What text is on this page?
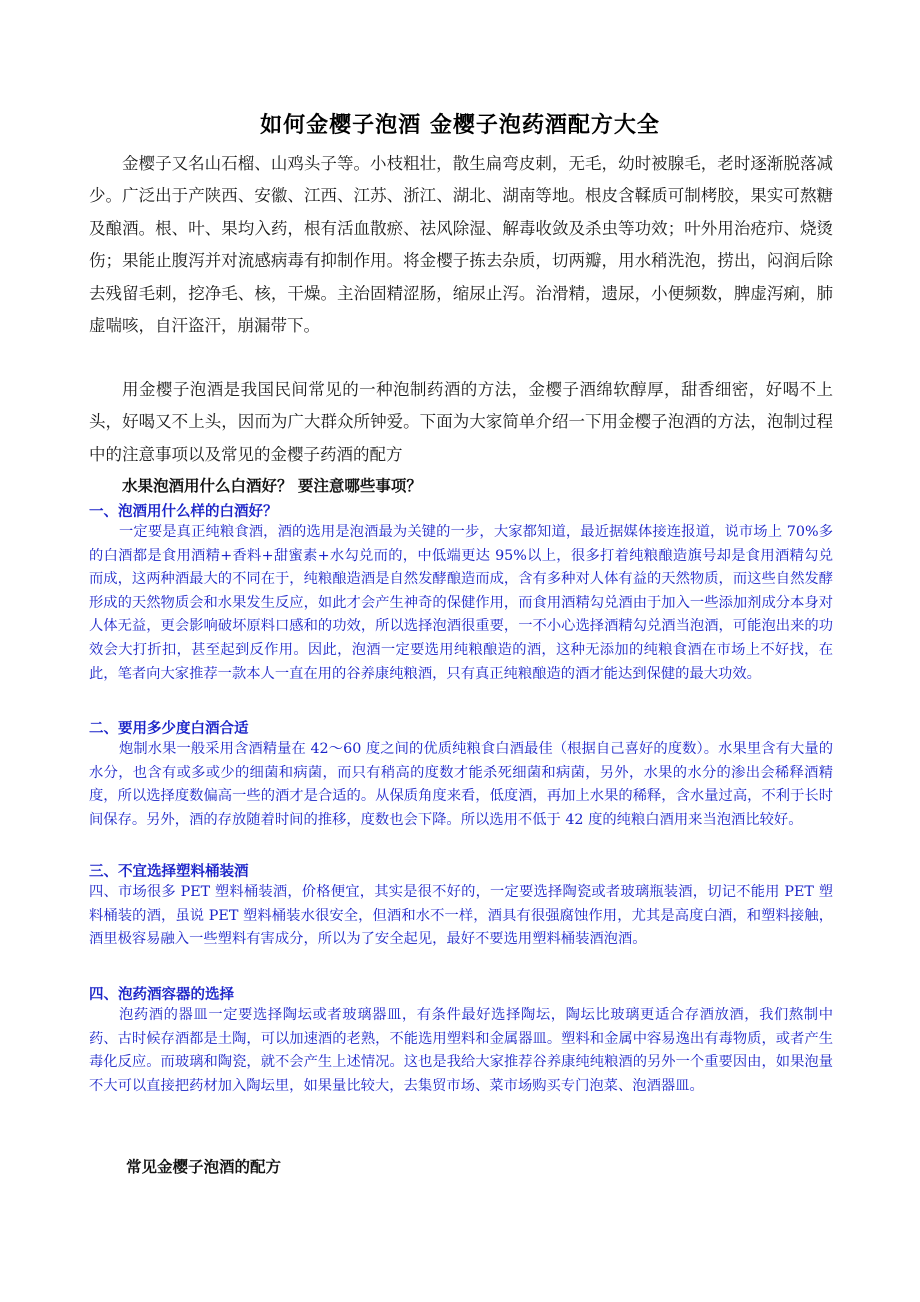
如何金樱子泡酒 金樱子泡药酒配方大全

金樱子又名山石榴、山鸡头子等。小枝粗壮，散生扁弯皮刺，无毛，幼时被腺毛，老时逐渐脱落减少。广泛出于产陕西、安徽、江西、江苏、浙江、湖北、湖南等地。根皮含鞣质可制栲胶，果实可熬糖及酿酒。根、叶、果均入药，根有活血散瘀、祛风除湿、解毒收敛及杀虫等功效；叶外用治疮疖、烧烫伤；果能止腹泻并对流感病毒有抑制作用。将金樱子拣去杂质，切两瓣，用水稍洗泡，捞出，闷润后除去残留毛刺，挖净毛、核，干燥。主治固精涩肠，缩尿止泻。治滑精，遗尿，小便频数，脾虚泻痢，肺虚喘咳，自汗盗汗，崩漏带下。

用金樱子泡酒是我国民间常见的一种泡制药酒的方法，金樱子酒绵软醇厚，甜香细密，好喝不上头，好喝又不上头，因而为广大群众所钟爱。下面为大家简单介绍一下用金樱子泡酒的方法，泡制过程中的注意事项以及常见的金樱子药酒的配方

水果泡酒用什么白酒好？ 要注意哪些事项？
一、泡酒用什么样的白酒好？

一定要是真正纯粮食酒，酒的选用是泡酒最为关键的一步，大家都知道，最近据媒体接连报道，说市场上 70%多的白酒都是食用酒精+香料+甜蜜素+水勾兑而的，中低端更达 95%以上，很多打着纯粮酿造旗号却是食用酒精勾兑而成，这两种酒最大的不同在于，纯粮酿造酒是自然发酵酿造而成，含有多种对人体有益的天然物质，而这些自然发酵形成的天然物质会和水果发生反应，如此才会产生神奇的保健作用，而食用酒精勾兑酒由于加入一些添加剂成分本身对人体无益，更会影响破坏原料口感和的功效，所以选择泡酒很重要，一不小心选择酒精勾兑酒当泡酒，可能泡出来的功效会大打折扣，甚至起到反作用。因此，泡酒一定要选用纯粮酿造的酒，这种无添加的纯粮食酒在市场上不好找，在此，笔者向大家推荐一款本人一直在用的谷养康纯粮酒，只有真正纯粮酿造的酒才能达到保健的最大功效。

二、要用多少度白酒合适

炮制水果一般采用含酒精量在 42～60 度之间的优质纯粮食白酒最佳（根据自己喜好的度数）。水果里含有大量的水分，也含有或多或少的细菌和病菌，而只有稍高的度数才能杀死细菌和病菌，另外，水果的水分的渗出会稀释酒精度，所以选择度数偏高一些的酒才是合适的。从保质角度来看，低度酒，再加上水果的稀释，含水量过高，不利于长时间保存。另外，酒的存放随着时间的推移，度数也会下降。所以选用不低于 42 度的纯粮白酒用来当泡酒比较好。

三、不宜选择塑料桶装酒

四、市场很多 PET 塑料桶装酒，价格便宜，其实是很不好的，一定要选择陶瓷或者玻璃瓶装酒，切记不能用 PET 塑料桶装的酒，虽说 PET 塑料桶装水很安全，但酒和水不一样，酒具有很强腐蚀作用，尤其是高度白酒，和塑料接触，酒里极容易融入一些塑料有害成分，所以为了安全起见，最好不要选用塑料桶装酒泡酒。

四、泡药酒容器的选择

泡药酒的器皿一定要选择陶坛或者玻璃器皿，有条件最好选择陶坛，陶坛比玻璃更适合存酒放酒，我们熬制中药、古时候存酒都是土陶，可以加速酒的老熟，不能选用塑料和金属器皿。塑料和金属中容易逸出有毒物质，或者产生毒化反应。而玻璃和陶瓷，就不会产生上述情况。这也是我给大家推荐谷养康纯纯粮酒的另外一个重要因由，如果泡量不大可以直接把药材加入陶坛里，如果量比较大，去集贸市场、菜市场购买专门泡菜、泡酒器皿。

常见金樱子泡酒的配方
